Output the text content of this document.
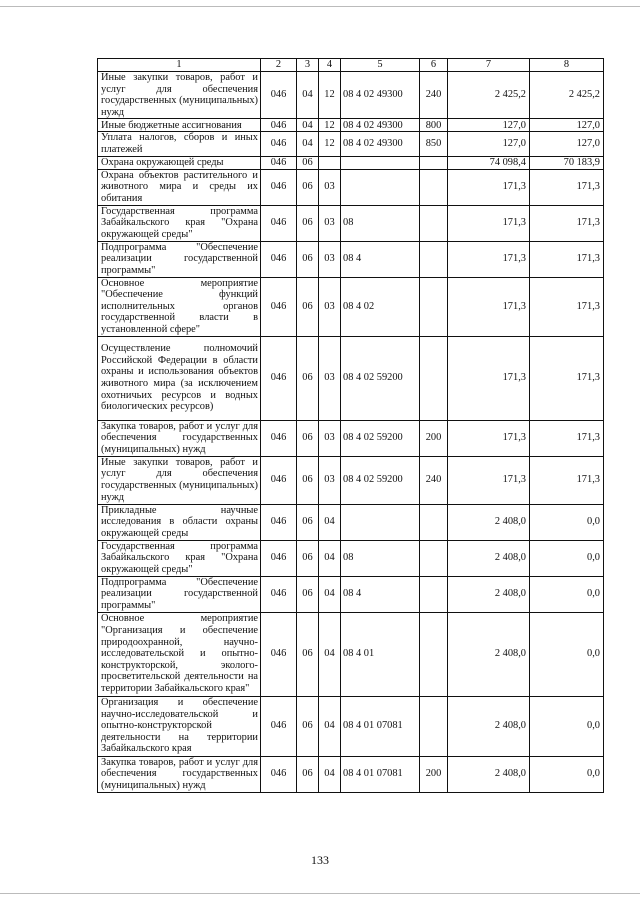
1	2	3	4	5	6	7	8
Иные закупки товаров, работ и услуг для обеспечения государственных (муниципальных) нужд	046	04	12	08 4 02 49300	240	2 425,2	2 425,2
Иные бюджетные ассигнования	046	04	12	08 4 02 49300	800	127,0	127,0
Уплата налогов, сборов и иных платежей	046	04	12	08 4 02 49300	850	127,0	127,0
Охрана окружающей среды	046	06				74 098,4	70 183,9
Охрана объектов растительного и животного мира и среды их обитания	046	06	03			171,3	171,3
Государственная программа Забайкальского края "Охрана окружающей среды"	046	06	03	08		171,3	171,3
Подпрограмма "Обеспечение реализации государственной программы"	046	06	03	08 4		171,3	171,3
Основное мероприятие "Обеспечение функций исполнительных органов государственной власти в установленной сфере"	046	06	03	08 4 02		171,3	171,3
Осуществление полномочий Российской Федерации в области охраны и использования объектов животного мира (за исключением охотничьих ресурсов и водных биологических ресурсов)	046	06	03	08 4 02 59200		171,3	171,3
Закупка товаров, работ и услуг для обеспечения государственных (муниципальных) нужд	046	06	03	08 4 02 59200	200	171,3	171,3
Иные закупки товаров, работ и услуг для обеспечения государственных (муниципальных) нужд	046	06	03	08 4 02 59200	240	171,3	171,3
Прикладные научные исследования в области охраны окружающей среды	046	06	04			2 408,0	0,0
Государственная программа Забайкальского края "Охрана окружающей среды"	046	06	04	08		2 408,0	0,0
Подпрограмма "Обеспечение реализации государственной программы"	046	06	04	08 4		2 408,0	0,0
Основное мероприятие "Организация и обеспечение природоохранной, научно-исследовательской и опытно-конструкторской, эколого-просветительской деятельности на территории Забайкальского края"	046	06	04	08 4 01		2 408,0	0,0
Организация и обеспечение научно-исследовательской и опытно-конструкторской деятельности на территории Забайкальского края	046	06	04	08 4 01 07081		2 408,0	0,0
Закупка товаров, работ и услуг для обеспечения государственных (муниципальных) нужд	046	06	04	08 4 01 07081	200	2 408,0	0,0
133
